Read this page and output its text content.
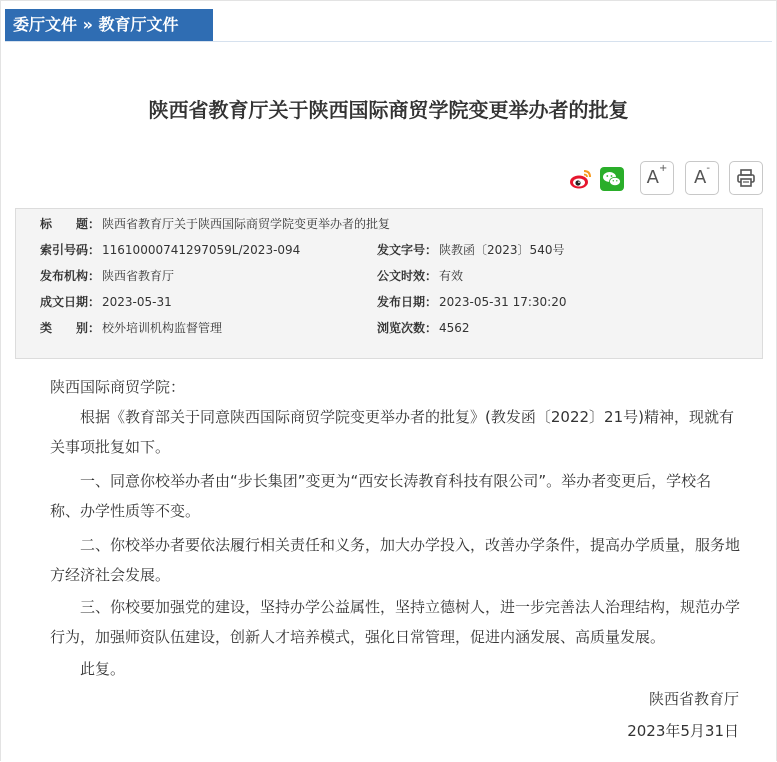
委厅文件 » 教育厅文件
陕西省教育厅关于陕西国际商贸学院变更举办者的批复
A+	A-
标　　题： 陕西省教育厅关于陕西国际商贸学院变更举办者的批复
索引号码： 11610000741297059L/2023-094	发文字号： 陕教函〔2023〕540号
发布机构： 陕西省教育厅	公文时效： 有效
成文日期： 2023-05-31	发布日期： 2023-05-31 17:30:20
类　　别： 校外培训机构监督管理	浏览次数： 4562
陕西国际商贸学院：
根据《教育部关于同意陕西国际商贸学院变更举办者的批复》(教发函〔2022〕21号)精神，现就有关事项批复如下。
一、同意你校举办者由“步长集团”变更为“西安长涛教育科技有限公司”。举办者变更后，学校名称、办学性质等不变。
二、你校举办者要依法履行相关责任和义务，加大办学投入，改善办学条件，提高办学质量，服务地方经济社会发展。
三、你校要加强党的建设，坚持办学公益属性，坚持立德树人，进一步完善法人治理结构，规范办学行为，加强师资队伍建设，创新人才培养模式，强化日常管理，促进内涵发展、高质量发展。
此复。
陕西省教育厅
2023年5月31日
